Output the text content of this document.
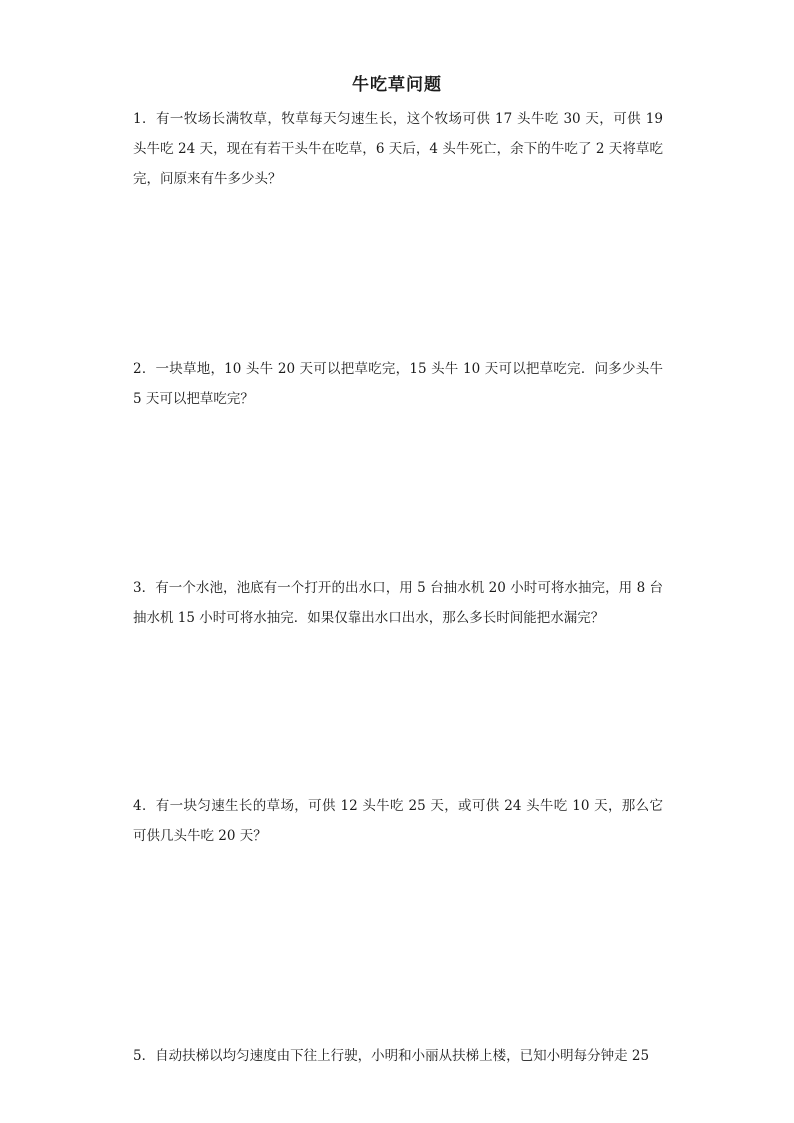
牛吃草问题
1．有一牧场长满牧草，牧草每天匀速生长，这个牧场可供 17 头牛吃 30 天，可供 19 头牛吃 24 天，现在有若干头牛在吃草，6 天后，4 头牛死亡，余下的牛吃了 2 天将草吃完，问原来有牛多少头？
2．一块草地，10 头牛 20 天可以把草吃完，15 头牛 10 天可以把草吃完．问多少头牛 5 天可以把草吃完？
3．有一个水池，池底有一个打开的出水口，用 5 台抽水机 20 小时可将水抽完，用 8 台抽水机 15 小时可将水抽完．如果仅靠出水口出水，那么多长时间能把水漏完？
4．有一块匀速生长的草场，可供 12 头牛吃 25 天，或可供 24 头牛吃 10 天，那么它可供几头牛吃 20 天？
5．自动扶梯以均匀速度由下往上行驶，小明和小丽从扶梯上楼，已知小明每分钟走 25
